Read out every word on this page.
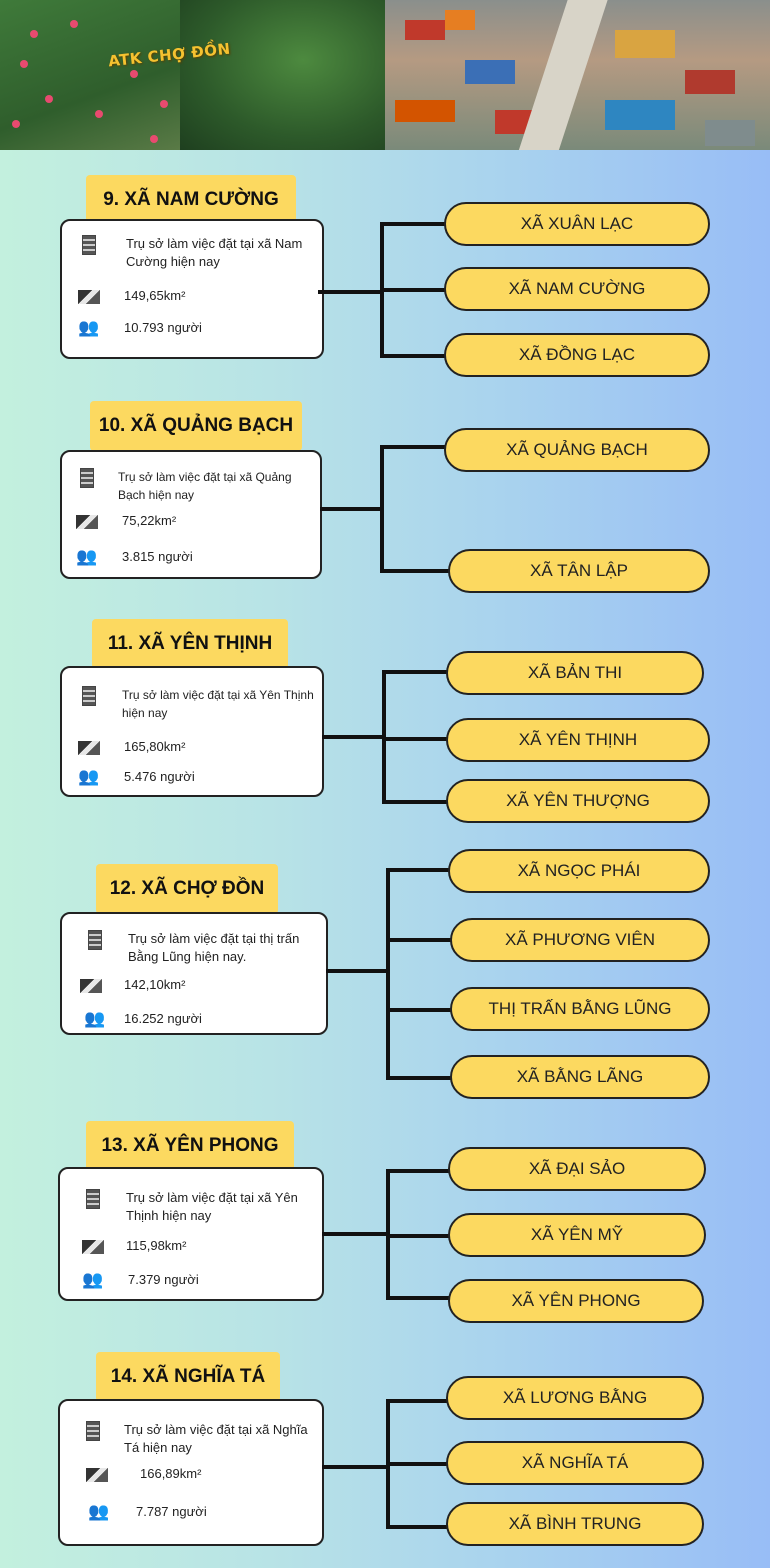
ATK CHỢ ĐỒN
9. XÃ NAM CƯỜNG
Trụ sở làm việc đặt tại xã Nam Cường hiện nay
149,65km²
👥 10.793 người
XÃ XUÂN LẠC
XÃ NAM CƯỜNG
XÃ ĐỒNG LẠC
10. XÃ QUẢNG BẠCH
Trụ sở làm việc đặt tại xã Quảng Bạch hiện nay
75,22km²
👥 3.815 người
XÃ QUẢNG BẠCH
XÃ TÂN LẬP
11. XÃ YÊN THỊNH
Trụ sở làm việc đặt tại xã Yên Thịnh hiện nay
165,80km²
👥 5.476 người
XÃ BẢN THI
XÃ YÊN THỊNH
XÃ YÊN THƯỢNG
12. XÃ CHỢ ĐỒN
Trụ sở làm việc đặt tại thị trấn Bằng Lũng hiện nay.
142,10km²
👥 16.252 người
XÃ NGỌC PHÁI
XÃ PHƯƠNG VIÊN
THỊ TRẤN BẰNG LŨNG
XÃ BẰNG LÃNG
13. XÃ YÊN PHONG
Trụ sở làm việc đặt tại xã Yên Thịnh hiện nay
115,98km²
👥 7.379 người
XÃ ĐẠI SẢO
XÃ YÊN MỸ
XÃ YÊN PHONG
14. XÃ NGHĨA TÁ
Trụ sở làm việc đặt tại xã Nghĩa Tá hiện nay
166,89km²
👥 7.787 người
XÃ LƯƠNG BẰNG
XÃ NGHĨA TÁ
XÃ BÌNH TRUNG
